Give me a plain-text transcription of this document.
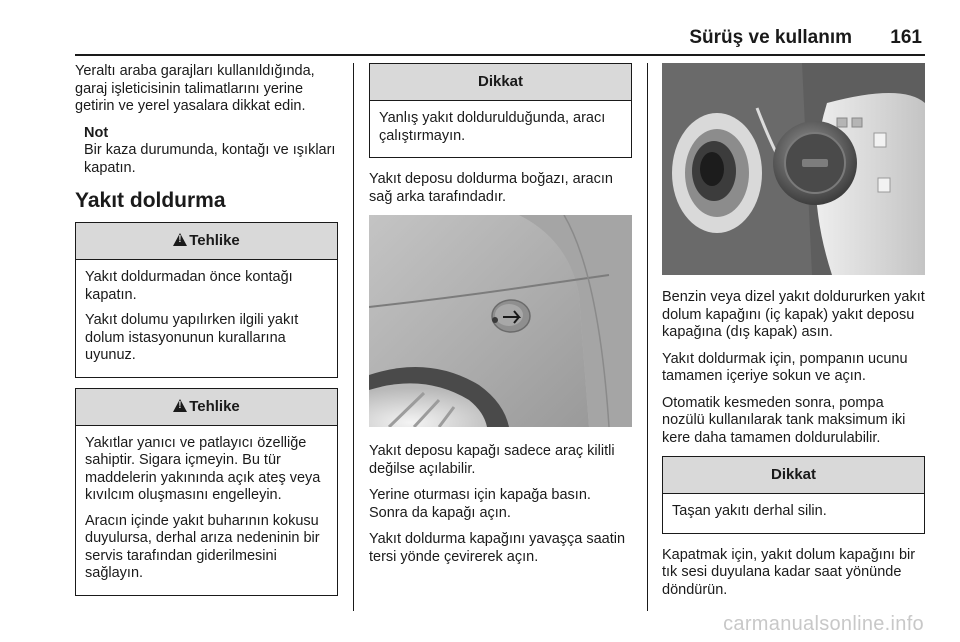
Sürüş ve kullanım 161

Yeraltı araba garajları kullanıldığında, garaj işleticisinin talimatlarını yerine getirin ve yerel yasalara dikkat edin.

Not
Bir kaza durumunda, kontağı ve ışıkları kapatın.
Yakıt doldurma
!Tehlike

Yakıt doldurmadan önce kontağı kapatın.

Yakıt dolumu yapılırken ilgili yakıt dolum istasyonunun kurallarına uyunuz.

!Tehlike

Yakıtlar yanıcı ve patlayıcı özelliğe sahiptir. Sigara içmeyin. Bu tür maddelerin yakınında açık ateş veya kıvılcım oluşmasını engelleyin.

Aracın içinde yakıt buharının kokusu duyulursa, derhal arıza nedeninin bir servis tarafından giderilmesini sağlayın.

Dikkat

Yanlış yakıt doldurulduğunda, aracı çalıştırmayın.

Yakıt deposu doldurma boğazı, aracın sağ arka tarafındadır.

Yakıt deposu kapağı sadece araç kilitli değilse açılabilir.

Yerine oturması için kapağa basın. Sonra da kapağı açın.

Yakıt doldurma kapağını yavaşça saatin tersi yönde çevirerek açın.

Benzin veya dizel yakıt doldururken yakıt dolum kapağını (iç kapak) yakıt deposu kapağına (dış kapak) asın.

Yakıt doldurmak için, pompanın ucunu tamamen içeriye sokun ve açın.

Otomatik kesmeden sonra, pompa nozülü kullanılarak tank maksimum iki kere daha tamamen doldurulabilir.

Dikkat

Taşan yakıtı derhal silin.

Kapatmak için, yakıt dolum kapağını bir tık sesi duyulana kadar saat yönünde döndürün.

carmanualsonline.info
